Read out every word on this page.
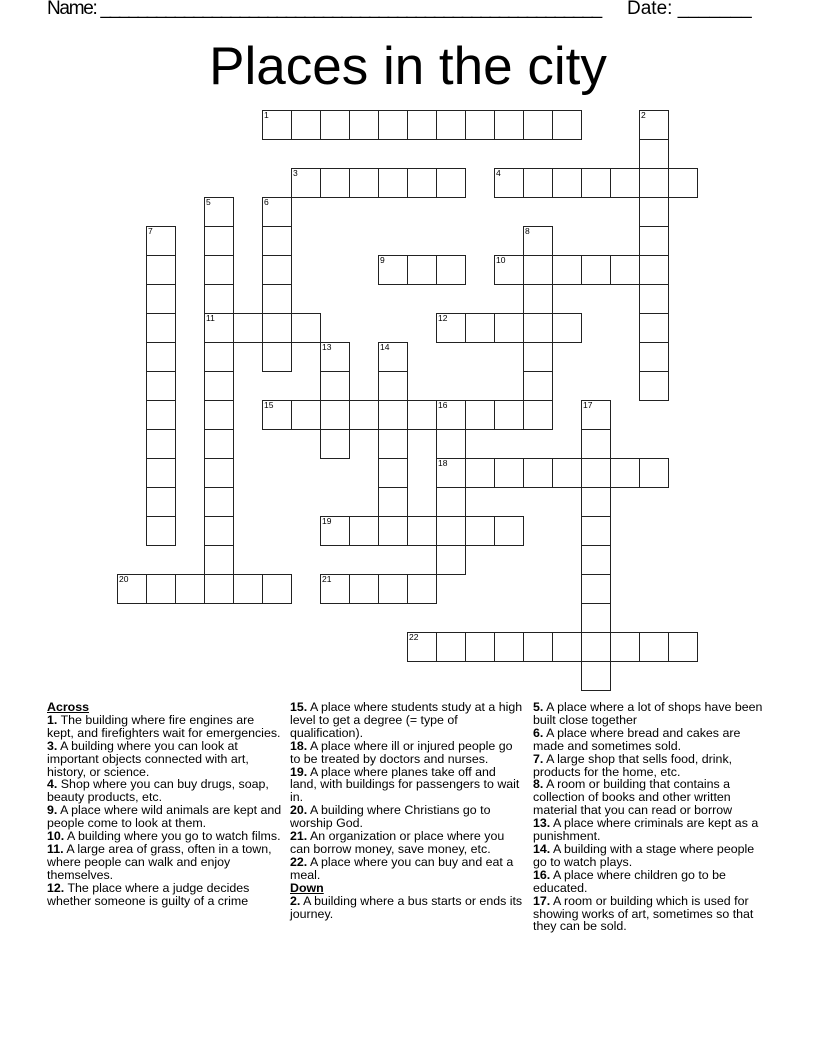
Name: ______________________________________________________ Date: _______
Places in the city
1	2
3	4
5
11
6
7	8
9	10
12
13	14
15	16
18
17
19
20	21
22
Across
1. The building where fire engines are kept, and firefighters wait for emergencies.
3. A building where you can look at important objects connected with art, history, or science.
4. Shop where you can buy drugs, soap, beauty products, etc.
9. A place where wild animals are kept and people come to look at them.
10. A building where you go to watch films.
11. A large area of grass, often in a town, where people can walk and enjoy themselves.
12. The place where a judge decides whether someone is guilty of a crime
15. A place where students study at a high level to get a degree (= type of qualification).
18. A place where ill or injured people go to be treated by doctors and nurses.
19. A place where planes take off and land, with buildings for passengers to wait in.
20. A building where Christians go to worship God.
21. An organization or place where you can borrow money, save money, etc.
22. A place where you can buy and eat a meal.
Down
2. A building where a bus starts or ends its journey.
5. A place where a lot of shops have been built close together
6. A place where bread and cakes are made and sometimes sold.
7. A large shop that sells food, drink, products for the home, etc.
8. A room or building that contains a collection of books and other written material that you can read or borrow
13. A place where criminals are kept as a punishment.
14. A building with a stage where people go to watch plays.
16. A place where children go to be educated.
17. A room or building which is used for showing works of art, sometimes so that they can be sold.
